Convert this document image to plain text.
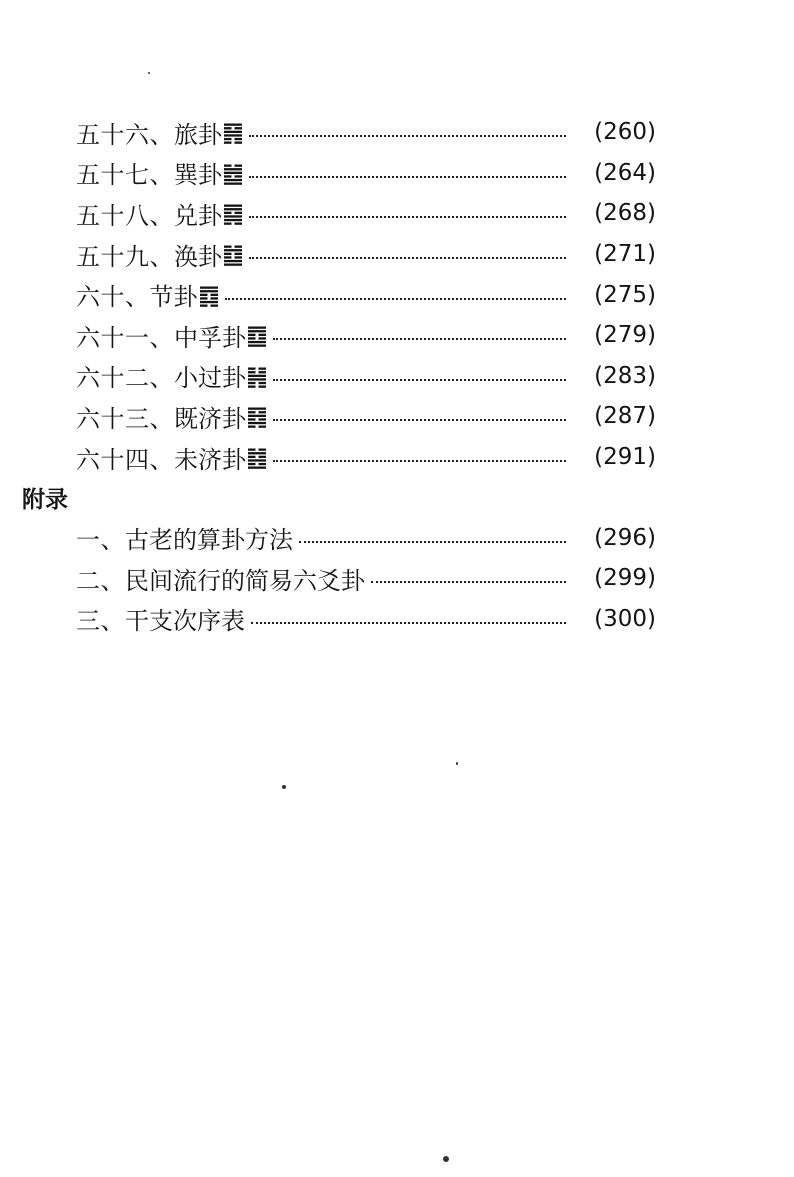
五十六 、 旅卦	(260)
五十七 、 巽卦	(264)
五十八 、 兑卦	(268)
五十九 、 涣卦	(271)
六十 、 节卦	(275)
六十一 、 中孚卦	(279)
六十二 、 小过卦	(283)
六十三 、 既济卦	(287)
六十四 、 未济卦	(291)
附录
一 、 古老的算卦方法	(296)
二 、 民间流行的简易六爻卦	(299)
三 、 干支次序表	(300)
